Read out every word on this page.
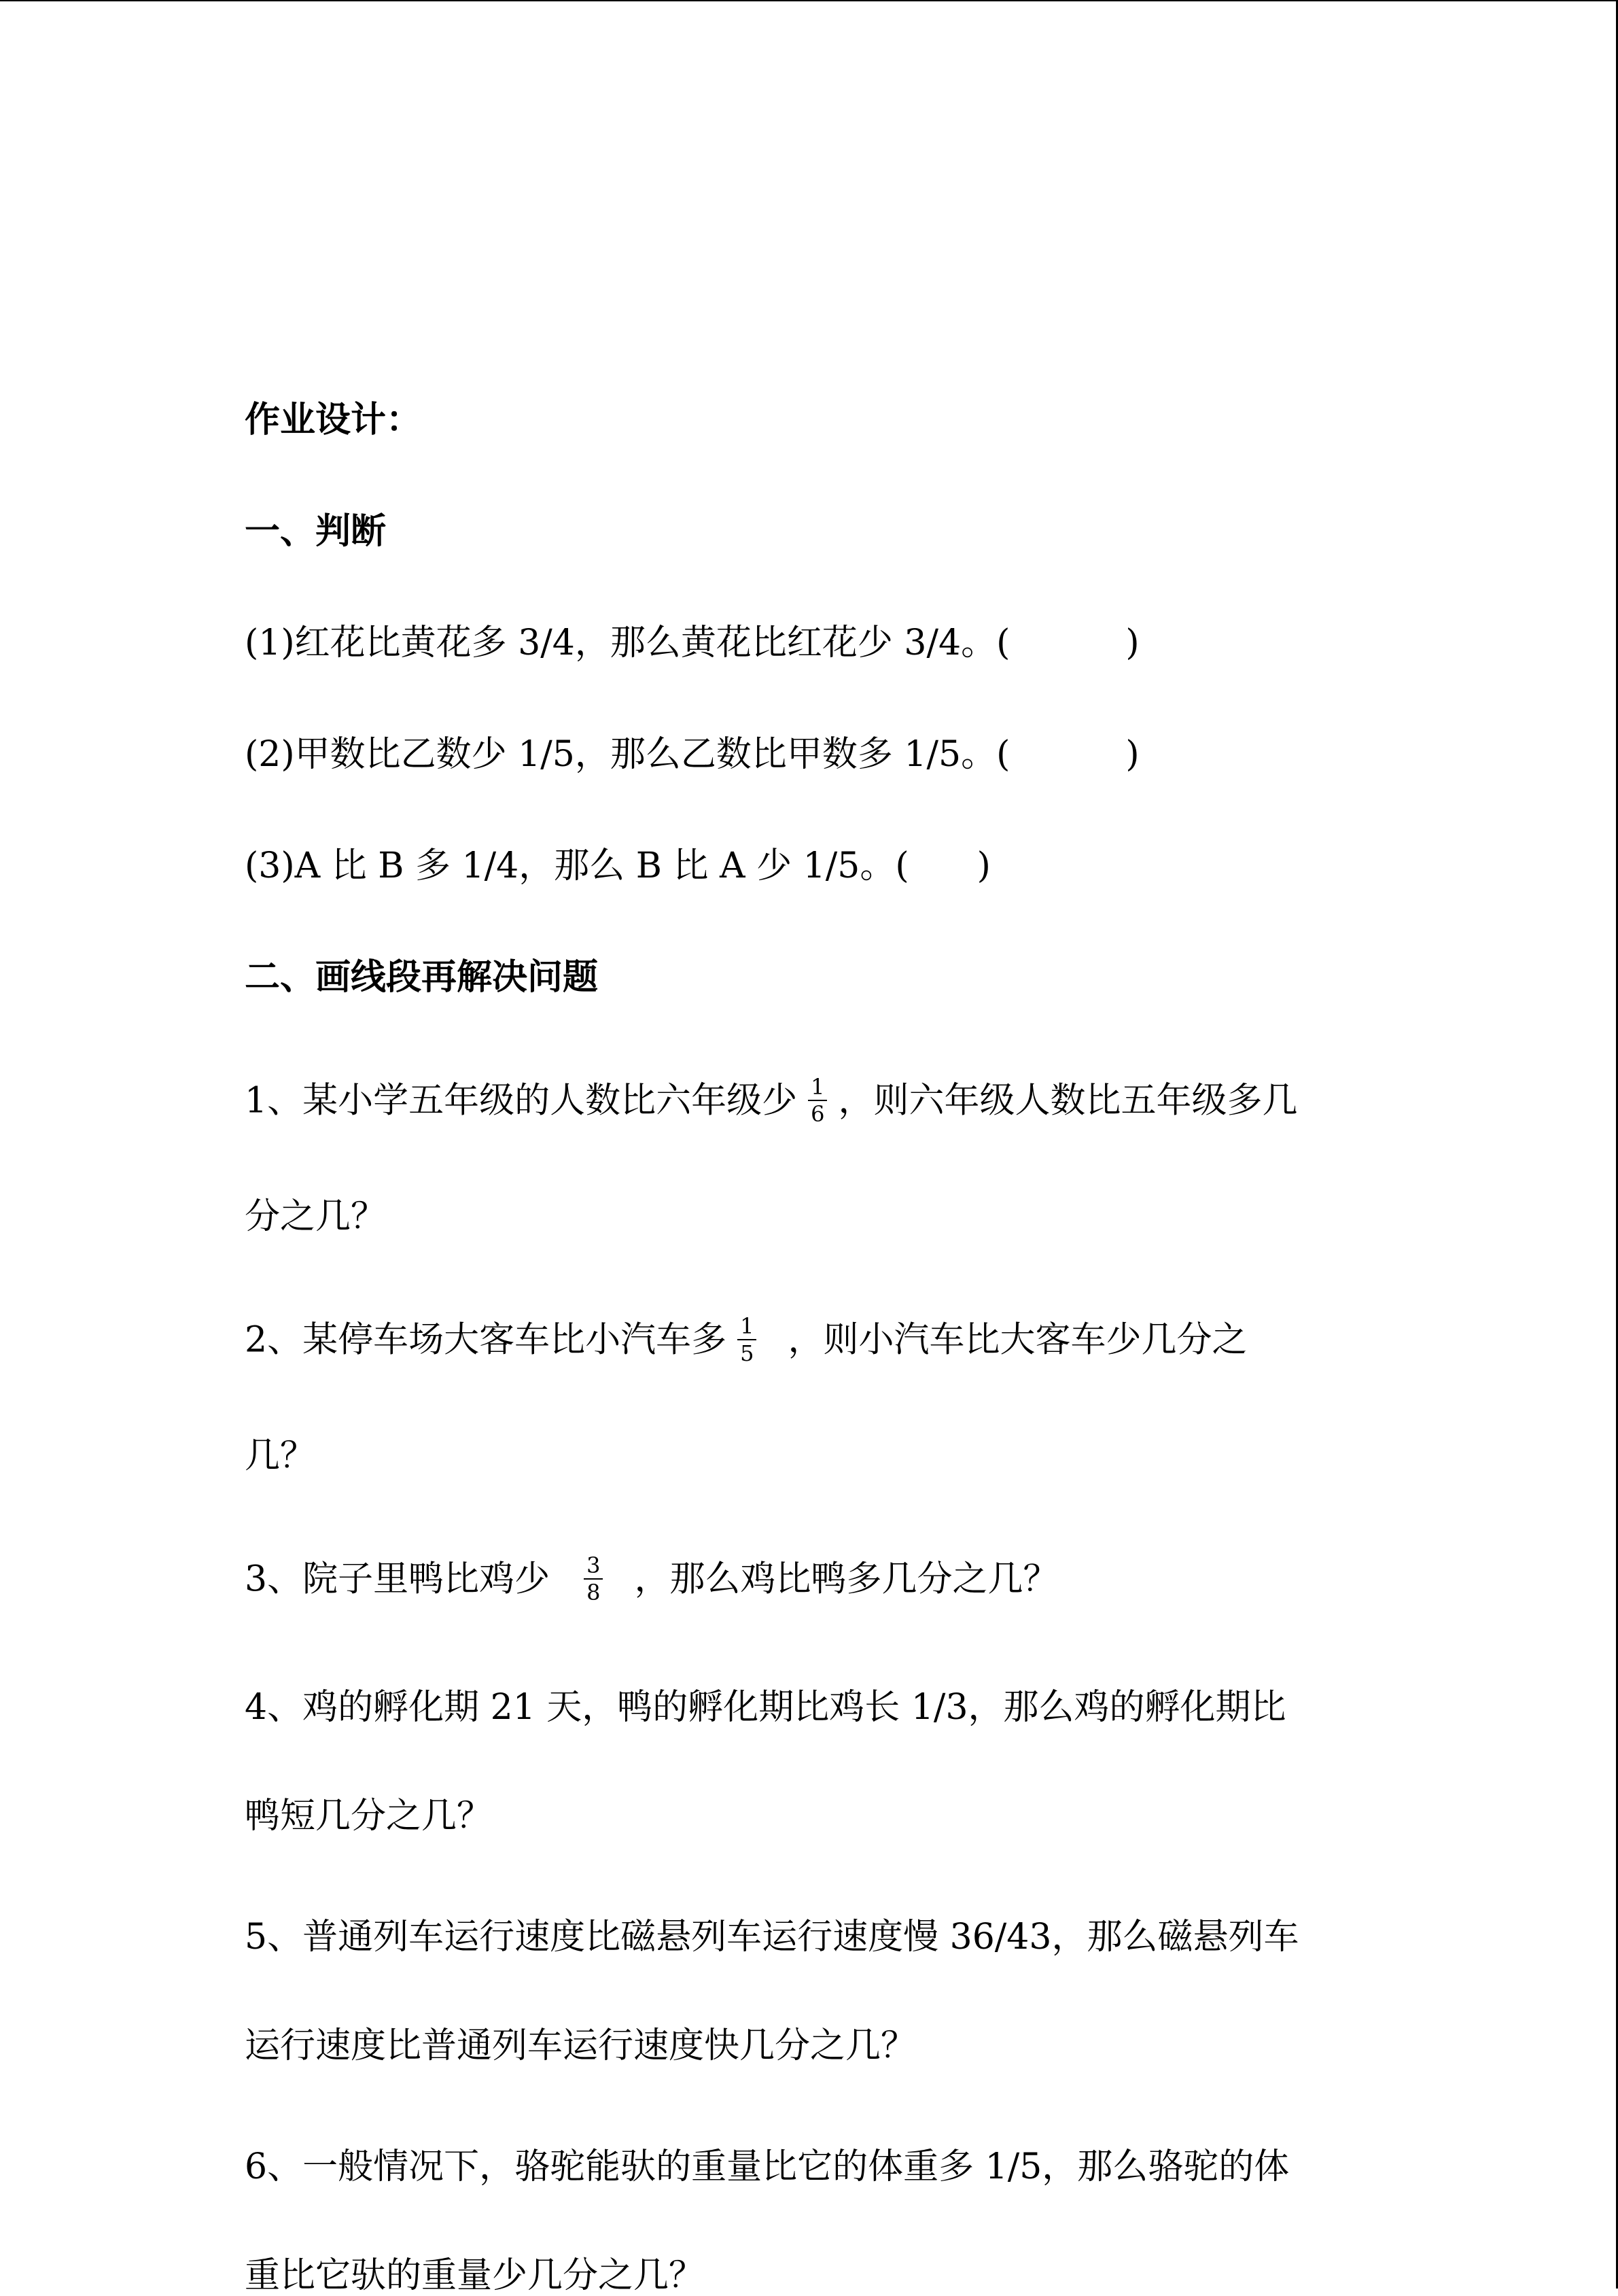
作业设计：

一、判断

(1)红花比黄花多 3/4，那么黄花比红花少 3/4。(	)

(2)甲数比乙数少 1/5，那么乙数比甲数多 1/5。(	)

(3)A 比 B 多 1/4，那么 B 比 A 少 1/5。( )

二、画线段再解决问题

1、某小学五年级的人数比六年级少 $\frac{1}{6}$ ，则六年级人数比五年级多几

分之几？

2、某停车场大客车比小汽车多 $\frac{1}{5}$ ，则小汽车比大客车少几分之

几？

3、院子里鸭比鸡少 $\frac{3}{8}$ ，那么鸡比鸭多几分之几？

4、鸡的孵化期 21 天，鸭的孵化期比鸡长 1/3，那么鸡的孵化期比

鸭短几分之几？

5、普通列车运行速度比磁悬列车运行速度慢 36/43，那么磁悬列车

运行速度比普通列车运行速度快几分之几？

6、一般情况下，骆驼能驮的重量比它的体重多 1/5，那么骆驼的体

重比它驮的重量少几分之几？
